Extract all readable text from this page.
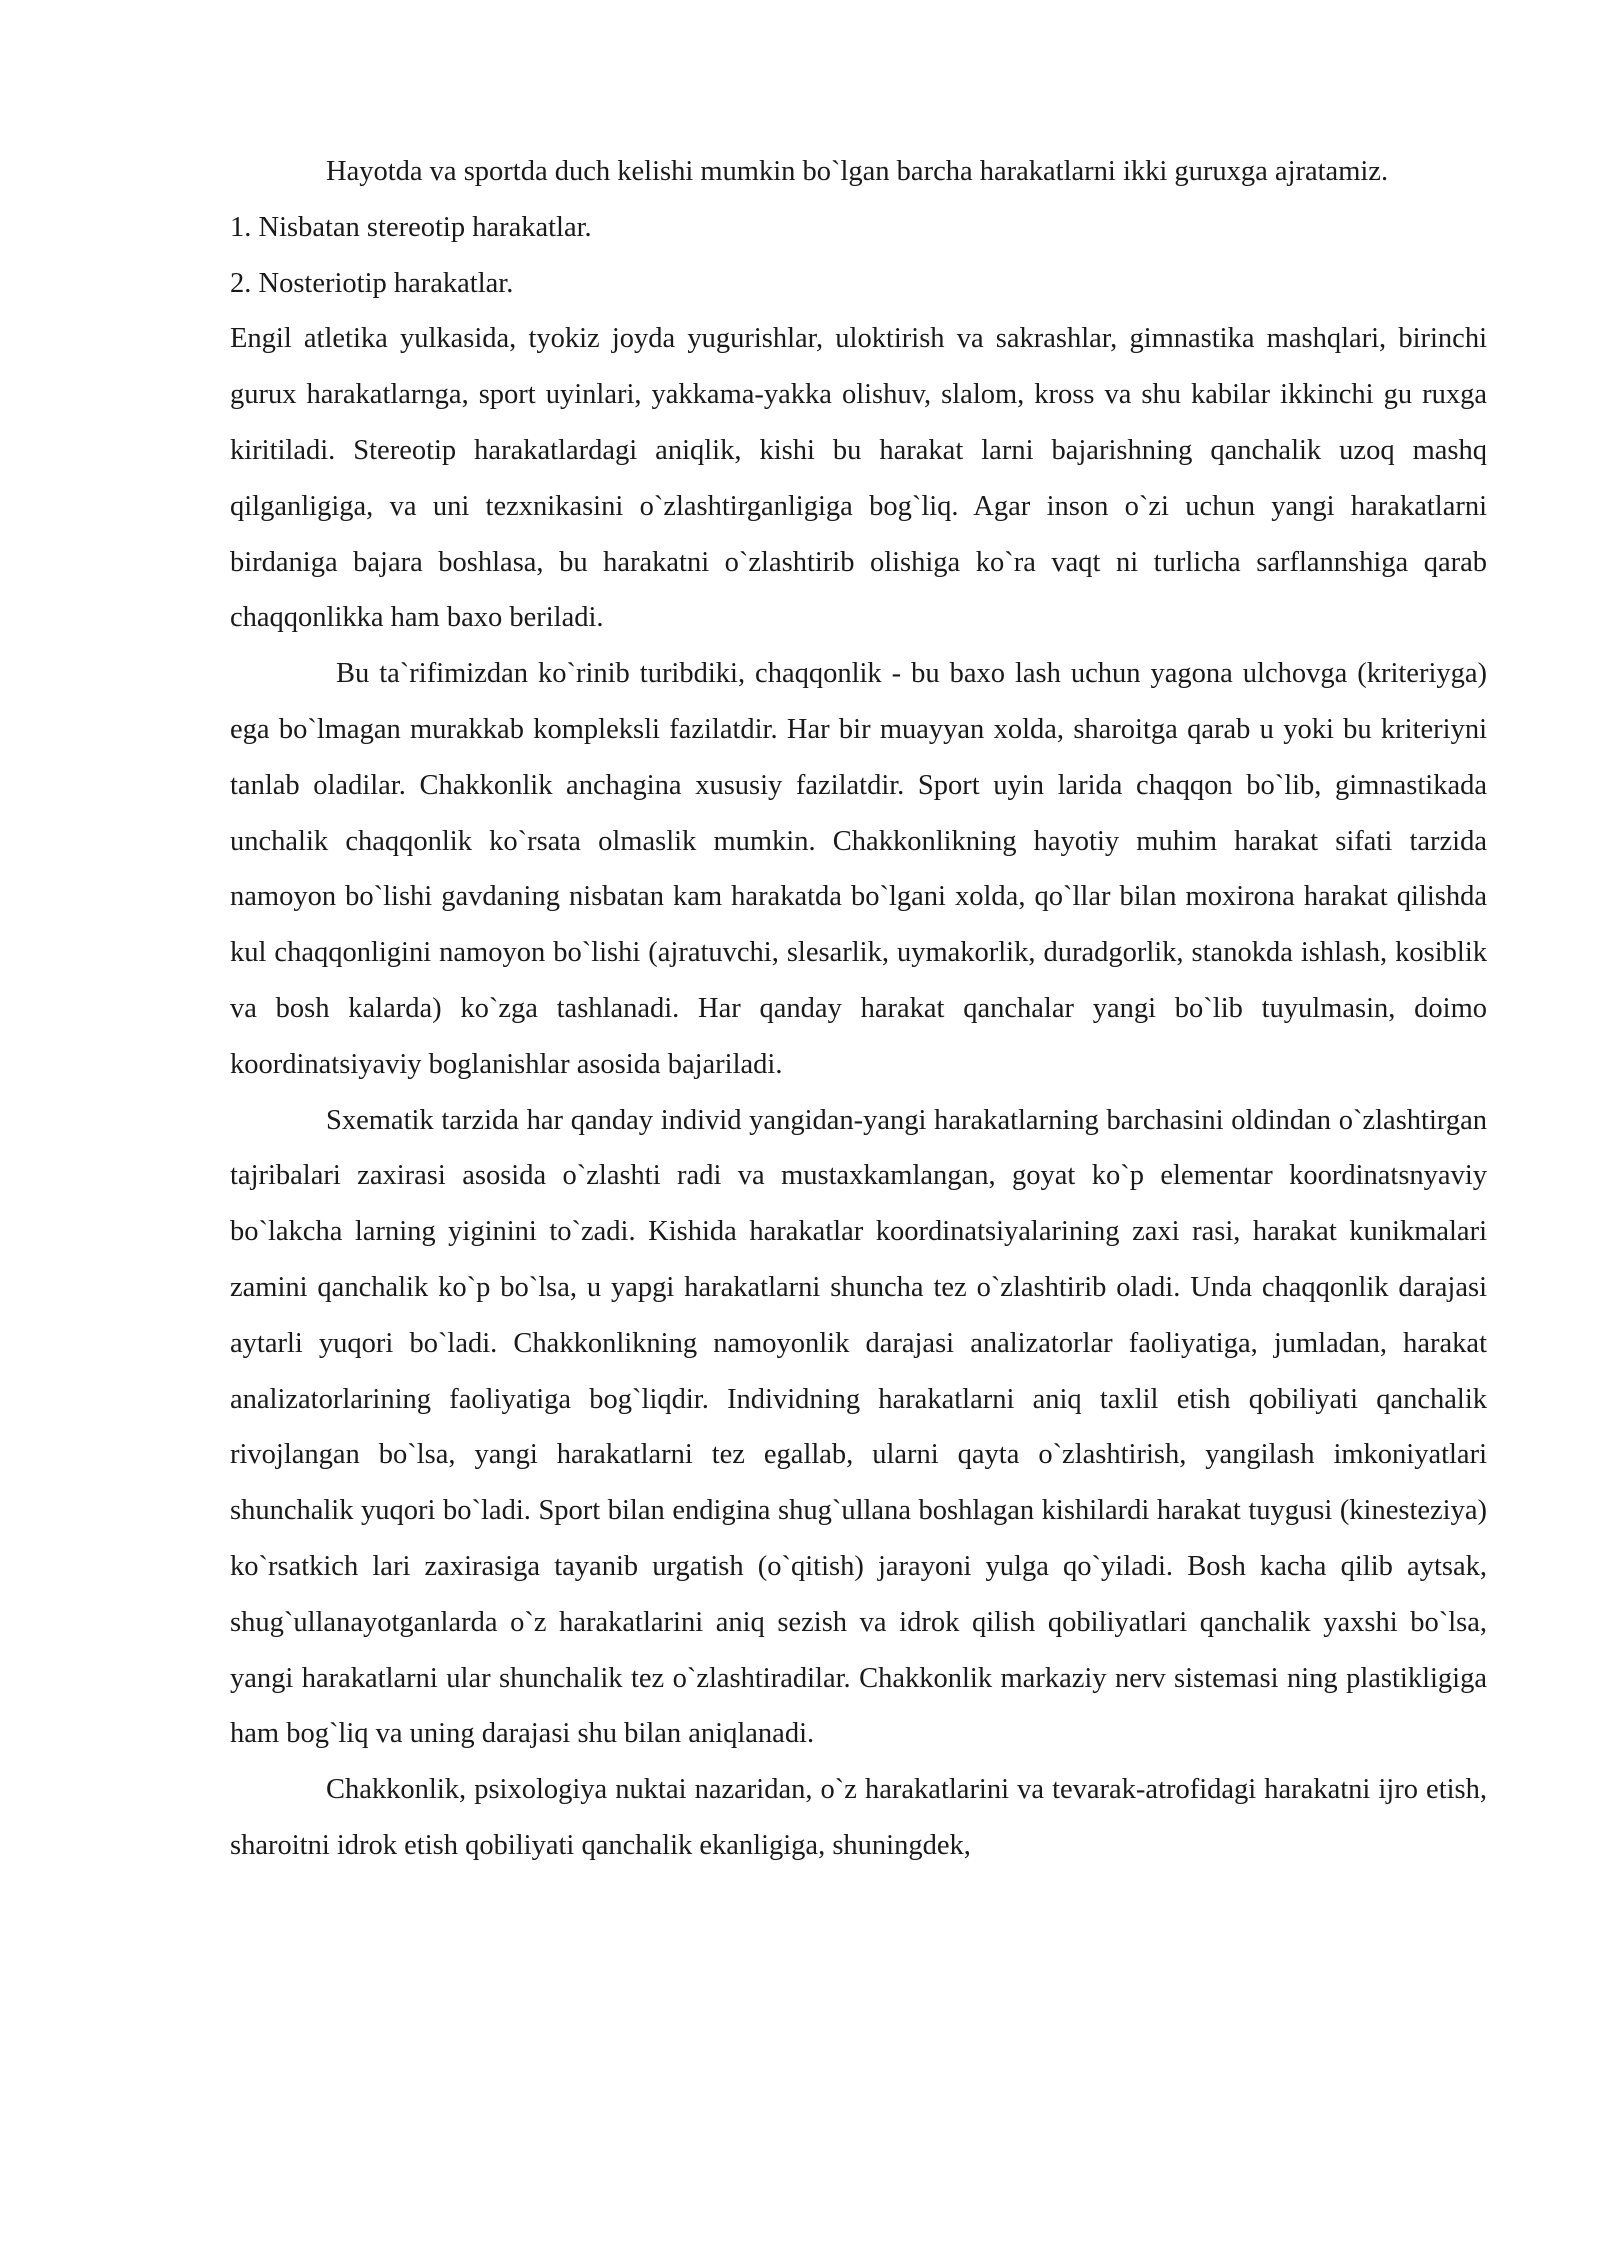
Hayotda va sportda duch kelishi mumkin bo`lgan barcha harakatlarni ikki guruxga ajratamiz.

1. Nisbatan stereotip harakatlar.

2. Nosteriotip harakatlar.

Engil atletika yulkasida, tyokiz joyda yugurishlar, uloktirish va sakrashlar, gimnastika mashqlari, birinchi gurux harakatlarnga, sport uyinlari, yakkama-yakka olishuv, slalom, kross va shu kabilar ikkinchi gu ruxga kiritiladi. Stereotip harakatlardagi aniqlik, kishi bu harakat larni bajarishning qanchalik uzoq mashq qilganligiga, va uni tezxnikasini o`zlashtirganligiga bog`liq. Agar inson o`zi uchun yangi harakatlarni birdaniga bajara boshlasa, bu harakatni o`zlashtirib olishiga ko`ra vaqt ni turlicha sarflannshiga qarab chaqqonlikka ham baxo beriladi.

Bu ta`rifimizdan ko`rinib turibdiki, chaqqonlik - bu baxo lash uchun yagona ulchovga (kriteriyga) ega bo`lmagan murakkab kompleksli fazilatdir. Har bir muayyan xolda, sharoitga qarab u yoki bu kriteriyni tanlab oladilar. Chakkonlik anchagina xususiy fazilatdir. Sport uyin larida chaqqon bo`lib, gimnastikada unchalik chaqqonlik ko`rsata olmaslik mumkin. Chakkonlikning hayotiy muhim harakat sifati tarzida namoyon bo`lishi gavdaning nisbatan kam harakatda bo`lgani xolda, qo`llar bilan moxirona harakat qilishda kul chaqqonligini namoyon bo`lishi (ajratuvchi, slesarlik, uymakorlik, duradgorlik, stanokda ishlash, kosiblik va bosh kalarda) ko`zga tashlanadi. Har qanday harakat qanchalar yangi bo`lib tuyulmasin, doimo koordinatsiyaviy boglanishlar asosida bajariladi.

Sxematik tarzida har qanday individ yangidan-yangi harakatlarning barchasini oldindan o`zlashtirgan tajribalari zaxirasi asosida o`zlashti radi va mustaxkamlangan, goyat ko`p elementar koordinatsnyaviy bo`lakcha larning yiginini to`zadi. Kishida harakatlar koordinatsiyalarining zaxi rasi, harakat kunikmalari zamini qanchalik ko`p bo`lsa, u yapgi harakatlarni shuncha tez o`zlashtirib oladi. Unda chaqqonlik darajasi aytarli yuqori bo`ladi. Chakkonlikning namoyonlik darajasi analizatorlar faoliyatiga, jumladan, harakat analizatorlarining faoliyatiga bog`liqdir. Individning harakatlarni aniq taxlil etish qobiliyati qanchalik rivojlangan bo`lsa, yangi harakatlarni tez egallab, ularni qayta o`zlashtirish, yangilash imkoniyatlari shunchalik yuqori bo`ladi. Sport bilan endigina shug`ullana boshlagan kishilardi harakat tuygusi (kinesteziya) ko`rsatkich lari zaxirasiga tayanib urgatish (o`qitish) jarayoni yulga qo`yiladi. Bosh kacha qilib aytsak, shug`ullanayotganlarda o`z harakatlarini aniq sezish va idrok qilish qobiliyatlari qanchalik yaxshi bo`lsa, yangi harakatlarni ular shunchalik tez o`zlashtiradilar. Chakkonlik markaziy nerv sistemasi ning plastikligiga ham bog`liq va uning darajasi shu bilan aniqlanadi.

Chakkonlik, psixologiya nuktai nazaridan, o`z harakatlarini va tevarak-atrofidagi harakatni ijro etish, sharoitni idrok etish qobiliyati qanchalik ekanligiga, shuningdek,
